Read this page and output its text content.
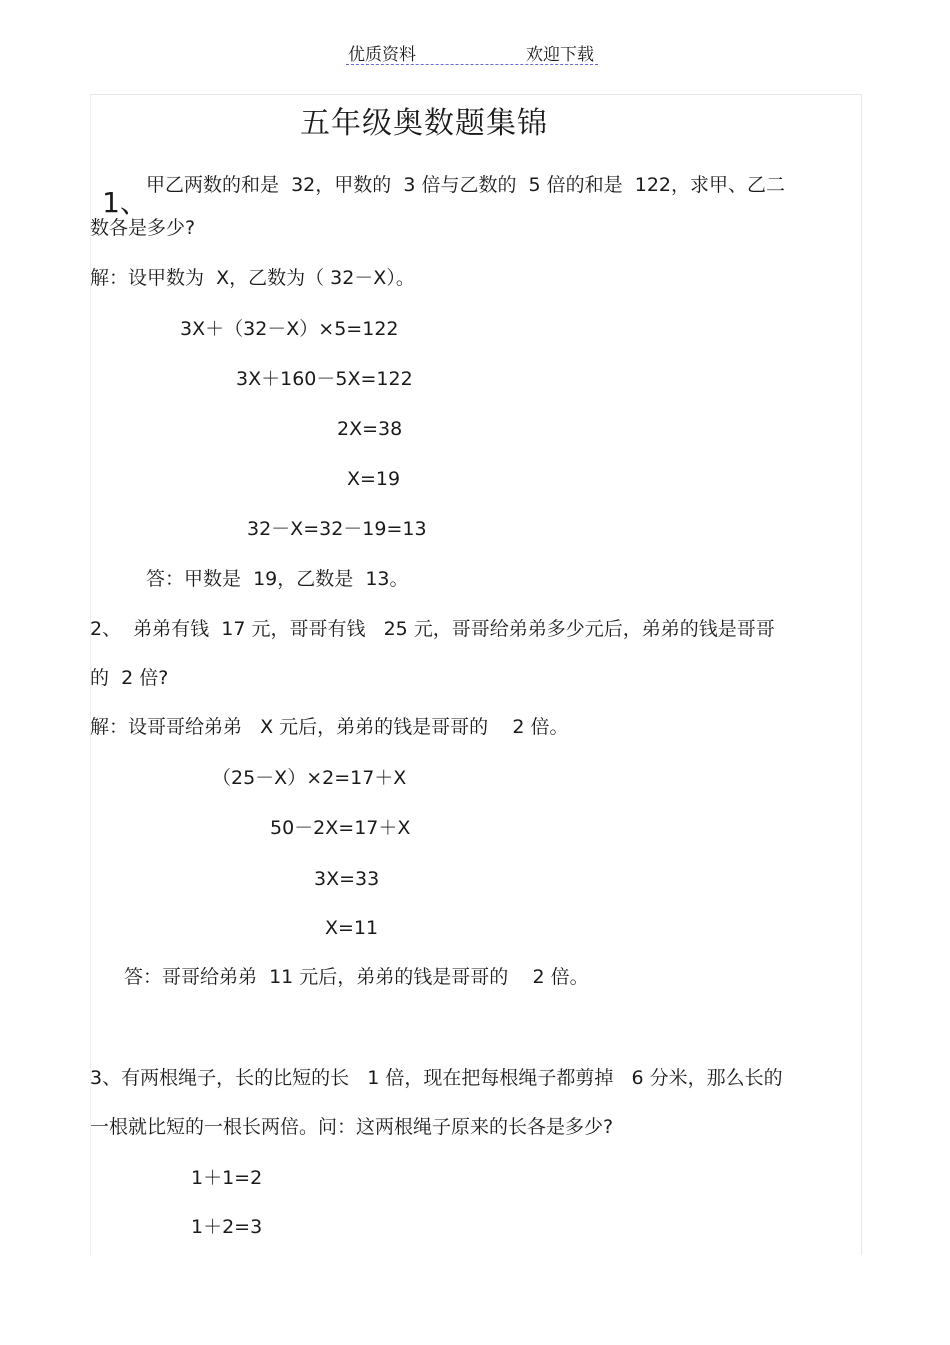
优质资料	欢迎下载
五年级奥数题集锦

1、

甲乙两数的和是  32，甲数的  3 倍与乙数的  5 倍的和是  122，求甲、乙二
数各是多少?
解：设甲数为  X，乙数为（ 32－X）。
3X＋（32－X）×5=122
3X＋160－5X=122
2X=38
X=19
32－X=32－19=13
答：甲数是  19，乙数是  13。
2、  弟弟有钱  17 元，哥哥有钱   25 元，哥哥给弟弟多少元后，弟弟的钱是哥哥
的  2 倍?
解：设哥哥给弟弟   X 元后，弟弟的钱是哥哥的    2 倍。
（25－X）×2=17＋X
50－2X=17＋X
3X=33
X=11
答：哥哥给弟弟  11 元后，弟弟的钱是哥哥的    2 倍。
3、有两根绳子，长的比短的长   1 倍，现在把每根绳子都剪掉   6 分米，那么长的
一根就比短的一根长两倍。问：这两根绳子原来的长各是多少?
1＋1=2
1＋2=3
